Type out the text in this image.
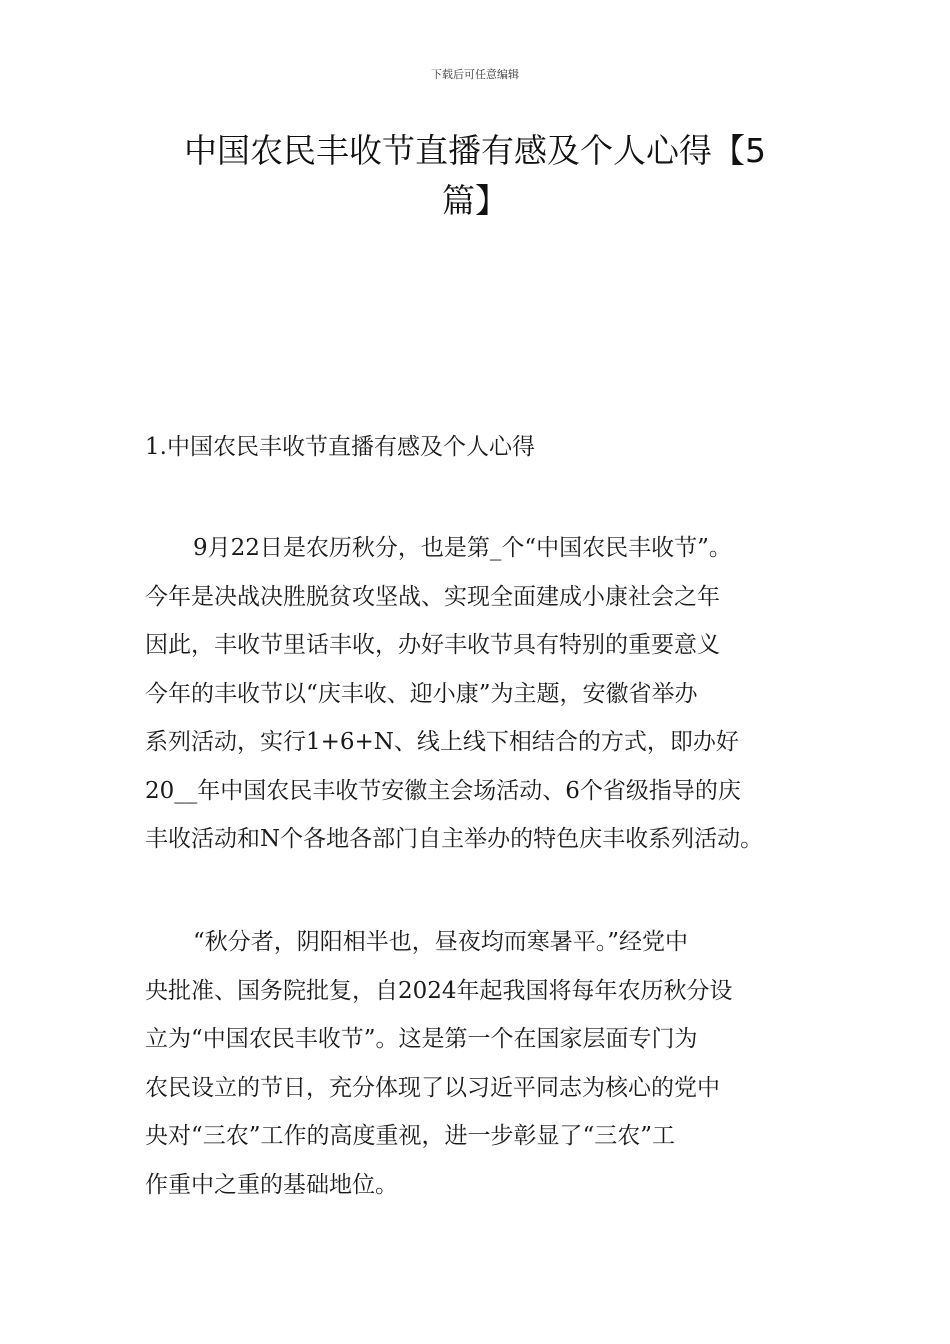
下载后可任意编辑
中国农民丰收节直播有感及个人心得【5
篇】
1.中国农民丰收节直播有感及个人心得

9月22日是农历秋分，也是第_个“中国农民丰收节”。
今年是决战决胜脱贫攻坚战、实现全面建成小康社会之年
因此，丰收节里话丰收，办好丰收节具有特别的重要意义
今年的丰收节以“庆丰收、迎小康”为主题，安徽省举办
系列活动，实行1+6+N、线上线下相结合的方式，即办好
20__年中国农民丰收节安徽主会场活动、6个省级指导的庆
丰收活动和N个各地各部门自主举办的特色庆丰收系列活动。

“秋分者，阴阳相半也，昼夜均而寒暑平。”经党中
央批准、国务院批复，自2024年起我国将每年农历秋分设
立为“中国农民丰收节”。这是第一个在国家层面专门为
农民设立的节日，充分体现了以习近平同志为核心的党中
央对“三农”工作的高度重视，进一步彰显了“三农”工
作重中之重的基础地位。
